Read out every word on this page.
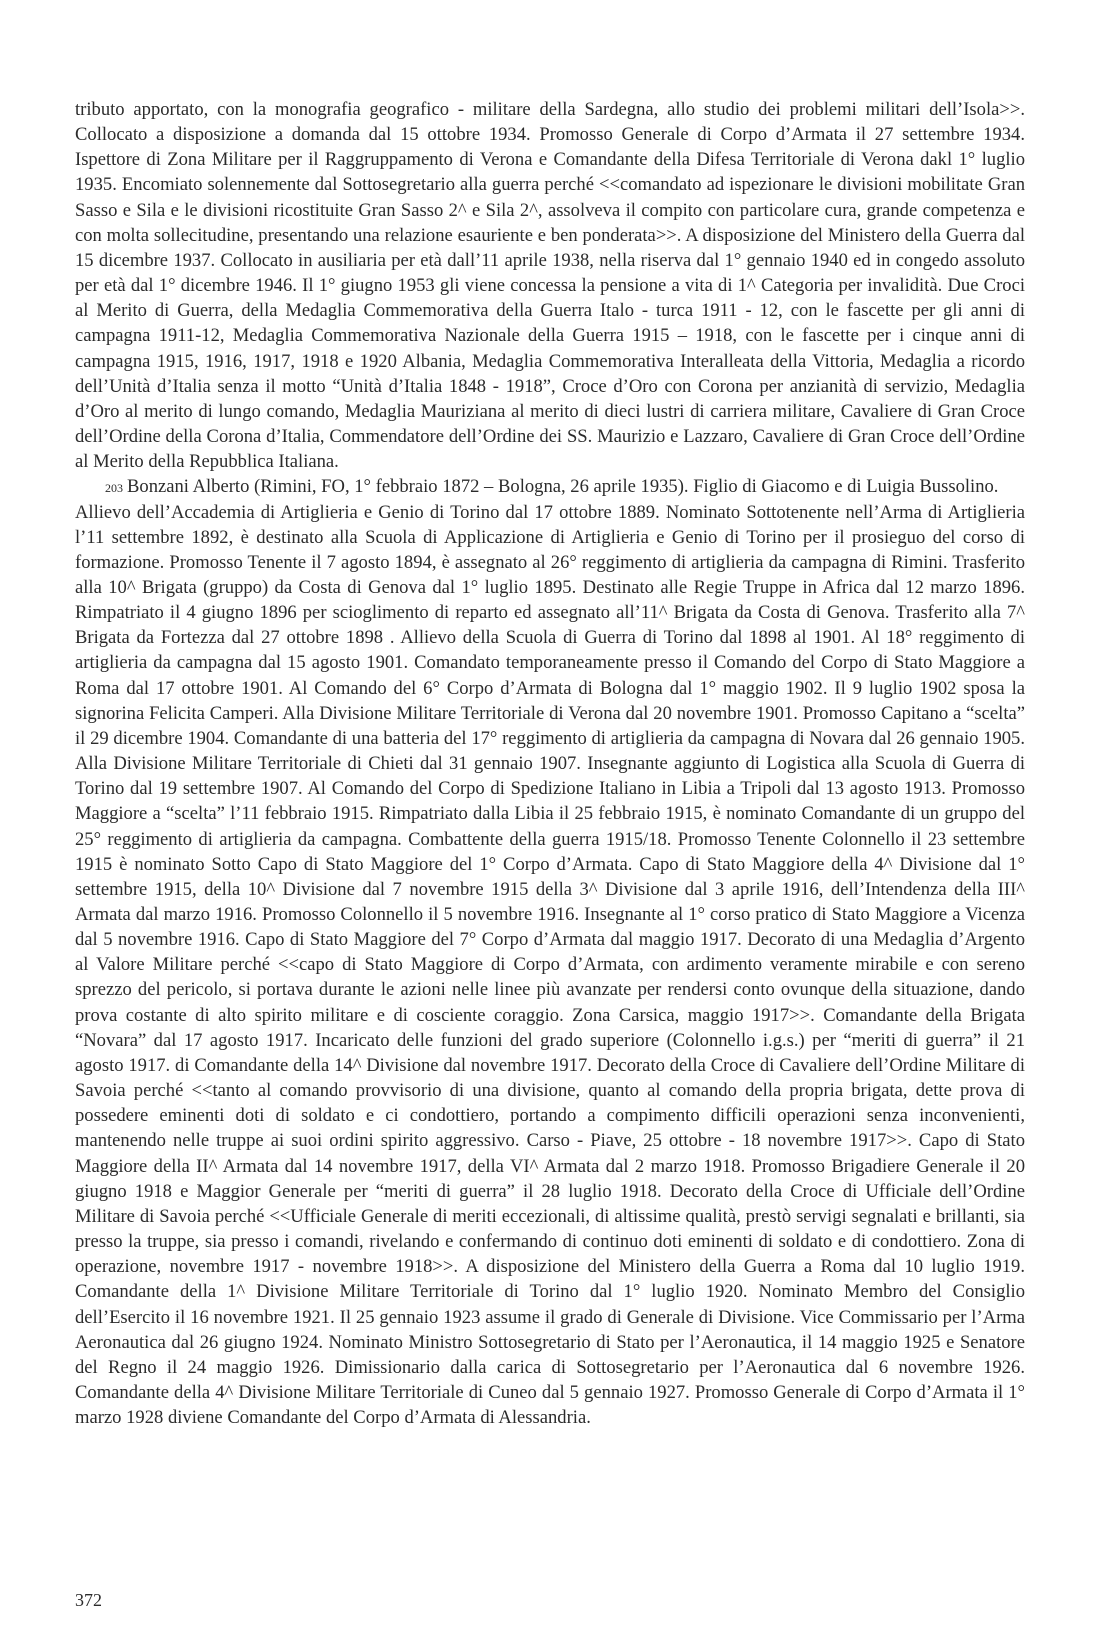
tributo apportato, con la monografia geografico - militare della Sardegna, allo studio dei problemi militari dell’Isola>>. Collocato a disposizione a domanda dal 15 ottobre 1934. Promosso Generale di Corpo d’Armata il 27 settembre 1934. Ispettore di Zona Militare per il Raggruppamento di Verona e Comandante della Difesa Territoriale di Verona dakl 1° luglio 1935. Encomiato solennemente dal Sottosegretario alla guerra perché <<comandato ad ispezionare le divisioni mobilitate Gran Sasso e Sila e le divisioni ricostituite Gran Sasso 2^ e Sila 2^, assolveva il compito con particolare cura, grande competenza e con molta sollecitudine, presentando una relazione esauriente e ben ponderata>>. A disposizione del Ministero della Guerra dal 15 dicembre 1937. Collocato in ausiliaria per età dall’11 aprile 1938, nella riserva dal 1° gennaio 1940 ed in congedo assoluto per età dal 1° dicembre 1946. Il 1° giugno 1953 gli viene concessa la pensione a vita di 1^ Categoria per invalidità. Due Croci al Merito di Guerra, della Medaglia Commemorativa della Guerra Italo - turca 1911 - 12, con le fascette per gli anni di campagna 1911-12, Medaglia Commemorativa Nazionale della Guerra 1915 – 1918, con le fascette per i cinque anni di campagna 1915, 1916, 1917, 1918 e 1920 Albania, Medaglia Commemorativa Interalleata della Vittoria, Medaglia a ricordo dell’Unità d’Italia senza il motto “Unità d’Italia 1848 - 1918”, Croce d’Oro con Corona per anzianità di servizio, Medaglia d’Oro al merito di lungo comando, Medaglia Mauriziana al merito di dieci lustri di carriera militare, Cavaliere di Gran Croce dell’Ordine della Corona d’Italia, Commendatore dell’Ordine dei SS. Maurizio e Lazzaro, Cavaliere di Gran Croce dell’Ordine al Merito della Repubblica Italiana.

$^{203}$ Bonzani Alberto (Rimini, FO, 1° febbraio 1872 – Bologna, 26 aprile 1935). Figlio di Giacomo e di Luigia Bussolino.

Allievo dell’Accademia di Artiglieria e Genio di Torino dal 17 ottobre 1889. Nominato Sottotenente nell’Arma di Artiglieria l’11 settembre 1892, è destinato alla Scuola di Applicazione di Artiglieria e Genio di Torino per il prosieguo del corso di formazione. Promosso Tenente il 7 agosto 1894, è assegnato al 26° reggimento di artiglieria da campagna di Rimini. Trasferito alla 10^ Brigata (gruppo) da Costa di Genova dal 1° luglio 1895. Destinato alle Regie Truppe in Africa dal 12 marzo 1896. Rimpatriato il 4 giugno 1896 per scioglimento di reparto ed assegnato all’11^ Brigata da Costa di Genova. Trasferito alla 7^ Brigata da Fortezza dal 27 ottobre 1898 . Allievo della Scuola di Guerra di Torino dal 1898 al 1901. Al 18° reggimento di artiglieria da campagna dal 15 agosto 1901. Comandato temporaneamente presso il Comando del Corpo di Stato Maggiore a Roma dal 17 ottobre 1901. Al Comando del 6° Corpo d’Armata di Bologna dal 1° maggio 1902. Il 9 luglio 1902 sposa la signorina Felicita Camperi. Alla Divisione Militare Territoriale di Verona dal 20 novembre 1901. Promosso Capitano a “scelta” il 29 dicembre 1904. Comandante di una batteria del 17° reggimento di artiglieria da campagna di Novara dal 26 gennaio 1905. Alla Divisione Militare Territoriale di Chieti dal 31 gennaio 1907. Insegnante aggiunto di Logistica alla Scuola di Guerra di Torino dal 19 settembre 1907. Al Comando del Corpo di Spedizione Italiano in Libia a Tripoli dal 13 agosto 1913. Promosso Maggiore a “scelta” l’11 febbraio 1915. Rimpatriato dalla Libia il 25 febbraio 1915, è nominato Comandante di un gruppo del 25° reggimento di artiglieria da campagna. Combattente della guerra 1915/18. Promosso Tenente Colonnello il 23 settembre 1915 è nominato Sotto Capo di Stato Maggiore del 1° Corpo d’Armata. Capo di Stato Maggiore della 4^ Divisione dal 1° settembre 1915, della 10^ Divisione dal 7 novembre 1915 della 3^ Divisione dal 3 aprile 1916, dell’Intendenza della III^ Armata dal marzo 1916. Promosso Colonnello il 5 novembre 1916. Insegnante al 1° corso pratico di Stato Maggiore a Vicenza dal 5 novembre 1916. Capo di Stato Maggiore del 7° Corpo d’Armata dal maggio 1917. Decorato di una Medaglia d’Argento al Valore Militare perché <<capo di Stato Maggiore di Corpo d’Armata, con ardimento veramente mirabile e con sereno sprezzo del pericolo, si portava durante le azioni nelle linee più avanzate per rendersi conto ovunque della situazione, dando prova costante di alto spirito militare e di cosciente coraggio. Zona Carsica, maggio 1917>>. Comandante della Brigata “Novara” dal 17 agosto 1917. Incaricato delle funzioni del grado superiore (Colonnello i.g.s.) per “meriti di guerra” il 21 agosto 1917. di Comandante della 14^ Divisione dal novembre 1917. Decorato della Croce di Cavaliere dell’Ordine Militare di Savoia perché <<tanto al comando provvisorio di una divisione, quanto al comando della propria brigata, dette prova di possedere eminenti doti di soldato e ci condottiero, portando a compimento difficili operazioni senza inconvenienti, mantenendo nelle truppe ai suoi ordini spirito aggressivo. Carso - Piave, 25 ottobre - 18 novembre 1917>>. Capo di Stato Maggiore della II^ Armata dal 14 novembre 1917, della VI^ Armata dal 2 marzo 1918. Promosso Brigadiere Generale il 20 giugno 1918 e Maggior Generale per “meriti di guerra” il 28 luglio 1918. Decorato della Croce di Ufficiale dell’Ordine Militare di Savoia perché <<Ufficiale Generale di meriti eccezionali, di altissime qualità, prestò servigi segnalati e brillanti, sia presso la truppe, sia presso i comandi, rivelando e confermando di continuo doti eminenti di soldato e di condottiero. Zona di operazione, novembre 1917 - novembre 1918>>. A disposizione del Ministero della Guerra a Roma dal 10 luglio 1919. Comandante della 1^ Divisione Militare Territoriale di Torino dal 1° luglio 1920. Nominato Membro del Consiglio dell’Esercito il 16 novembre 1921. Il 25 gennaio 1923 assume il grado di Generale di Divisione. Vice Commissario per l’Arma Aeronautica dal 26 giugno 1924. Nominato Ministro Sottosegretario di Stato per l’Aeronautica, il 14 maggio 1925 e Senatore del Regno il 24 maggio 1926. Dimissionario dalla carica di Sottosegretario per l’Aeronautica dal 6 novembre 1926. Comandante della 4^ Divisione Militare Territoriale di Cuneo dal 5 gennaio 1927. Promosso Generale di Corpo d’Armata il 1° marzo 1928 diviene Comandante del Corpo d’Armata di Alessandria.

372
